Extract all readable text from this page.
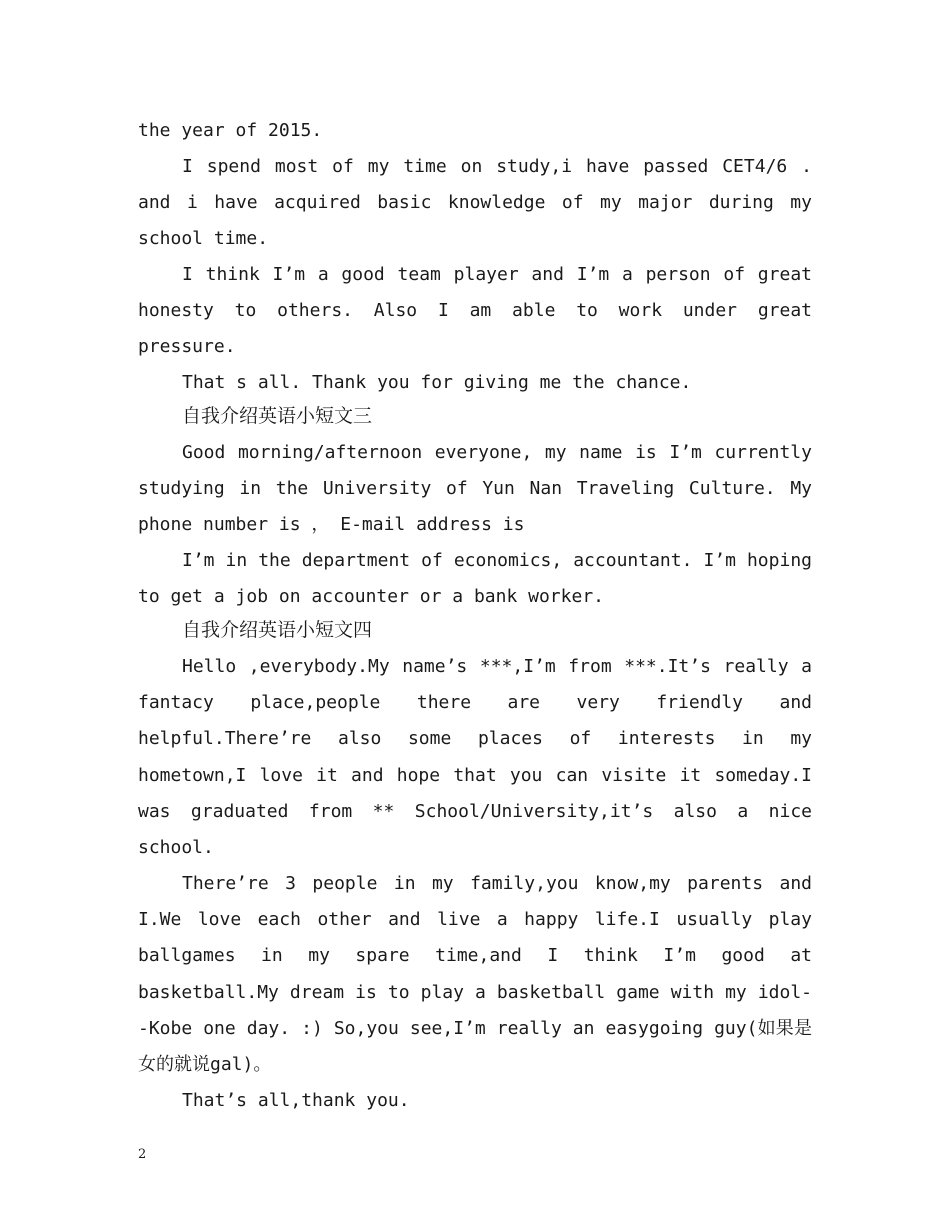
the year of 2015.

I spend most of my time on study,i have passed CET4/6 . and i have acquired basic knowledge of my major during my school time.

I think I’m a good team player and I’m a person of great honesty to others. Also I am able to work under great pressure.

That s all. Thank you for giving me the chance.

自我介绍英语小短文三

Good morning/afternoon everyone, my name is I’m currently studying in the University of Yun Nan Traveling Culture. My phone number is ， E-mail address is

I’m in the department of economics, accountant. I’m hoping to get a job on accounter or a bank worker.

自我介绍英语小短文四

Hello ,everybody.My name’s ***,I’m from ***.It’s really a fantacy place,people there are very friendly and helpful.There’re also some places of interests in my hometown,I love it and hope that you can visite it someday.I was graduated from ** School/University,it’s also a nice school.

There’re 3 people in my family,you know,my parents and I.We love each other and live a happy life.I usually play ballgames in my spare time,and I think I’m good at basketball.My dream is to play a basketball game with my idol--Kobe one day. :) So,you see,I’m really an easygoing guy(如果是女的就说gal)。

That’s all,thank you.

2
